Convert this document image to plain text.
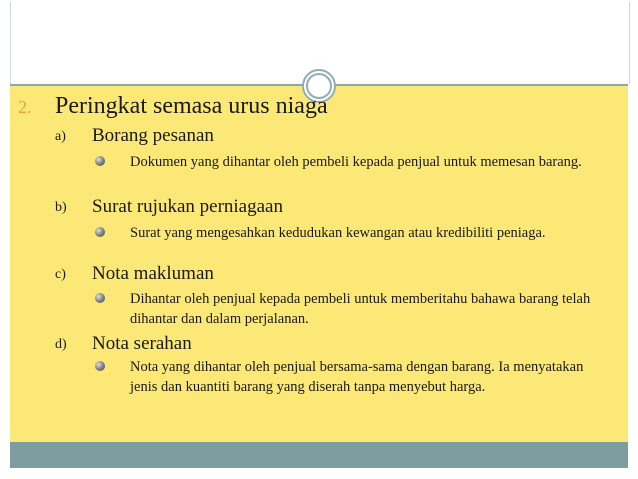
2. Peringkat semasa urus niaga
a) Borang pesanan
Dokumen yang dihantar oleh pembeli kepada penjual untuk memesan barang.
b) Surat rujukan perniagaan
Surat yang mengesahkan kedudukan kewangan atau kredibiliti peniaga.
c) Nota makluman
Dihantar oleh penjual kepada pembeli untuk memberitahu bahawa barang telah dihantar dan dalam perjalanan.
d) Nota serahan
Nota yang dihantar oleh penjual bersama-sama dengan barang. Ia menyatakan jenis dan kuantiti barang yang diserah tanpa menyebut harga.
